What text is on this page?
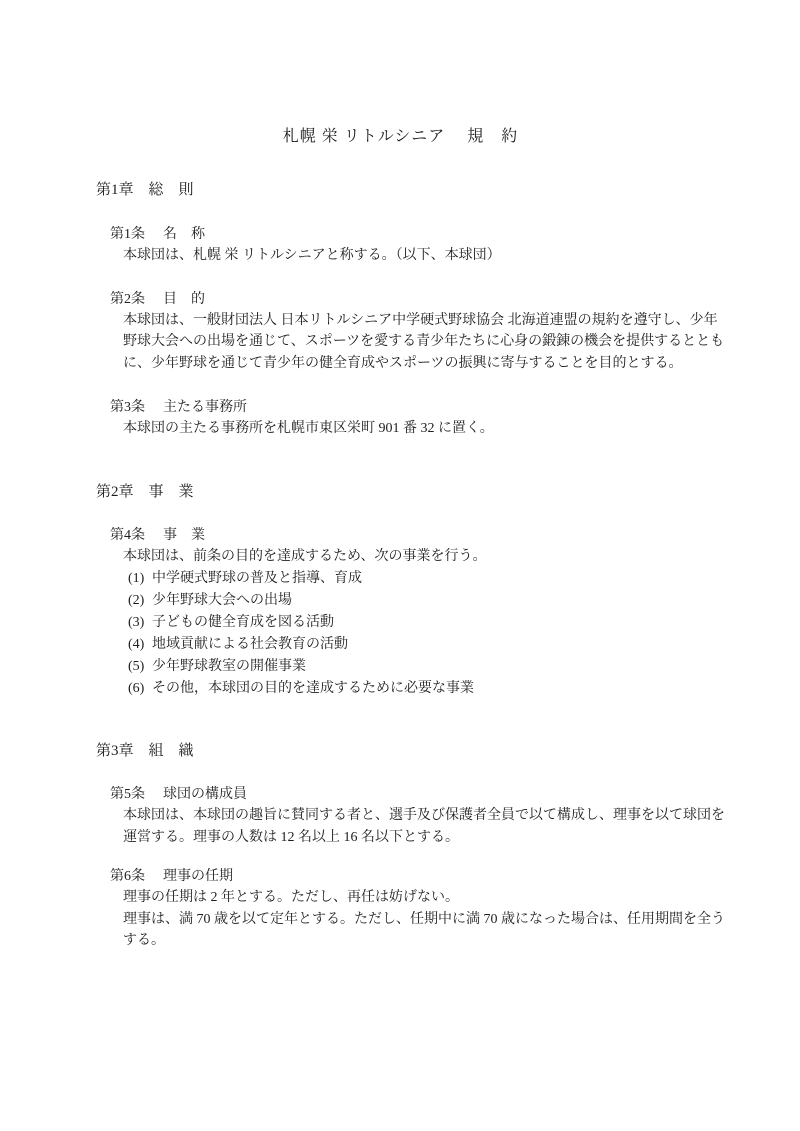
札幌 栄 リトルシニア　 規　約
第1章　総　則
第1条 名　称
本球団は、札幌 栄 リトルシニアと称する。（以下、本球団）
第2条 目　的
本球団は、一般財団法人 日本リトルシニア中学硬式野球協会 北海道連盟の規約を遵守し、少年
野球大会への出場を通じて、スポーツを愛する青少年たちに心身の鍛錬の機会を提供するととも
に、少年野球を通じて青少年の健全育成やスポーツの振興に寄与することを目的とする。
第3条 主たる事務所
本球団の主たる事務所を札幌市東区栄町 901 番 32 に置く。
第2章　事　業
第4条 事　業
本球団は、前条の目的を達成するため、次の事業を行う。
(1) 中学硬式野球の普及と指導、育成
(2) 少年野球大会への出場
(3) 子どもの健全育成を図る活動
(4) 地域貢献による社会教育の活動
(5) 少年野球教室の開催事業
(6) その他，本球団の目的を達成するために必要な事業
第3章　組　織
第5条 球団の構成員
本球団は、本球団の趣旨に賛同する者と、選手及び保護者全員で以て構成し、理事を以て球団を
運営する。理事の人数は 12 名以上 16 名以下とする。
第6条 理事の任期
理事の任期は 2 年とする。ただし、再任は妨げない。
理事は、満 70 歳を以て定年とする。ただし、任期中に満 70 歳になった場合は、任用期間を全う
する。
